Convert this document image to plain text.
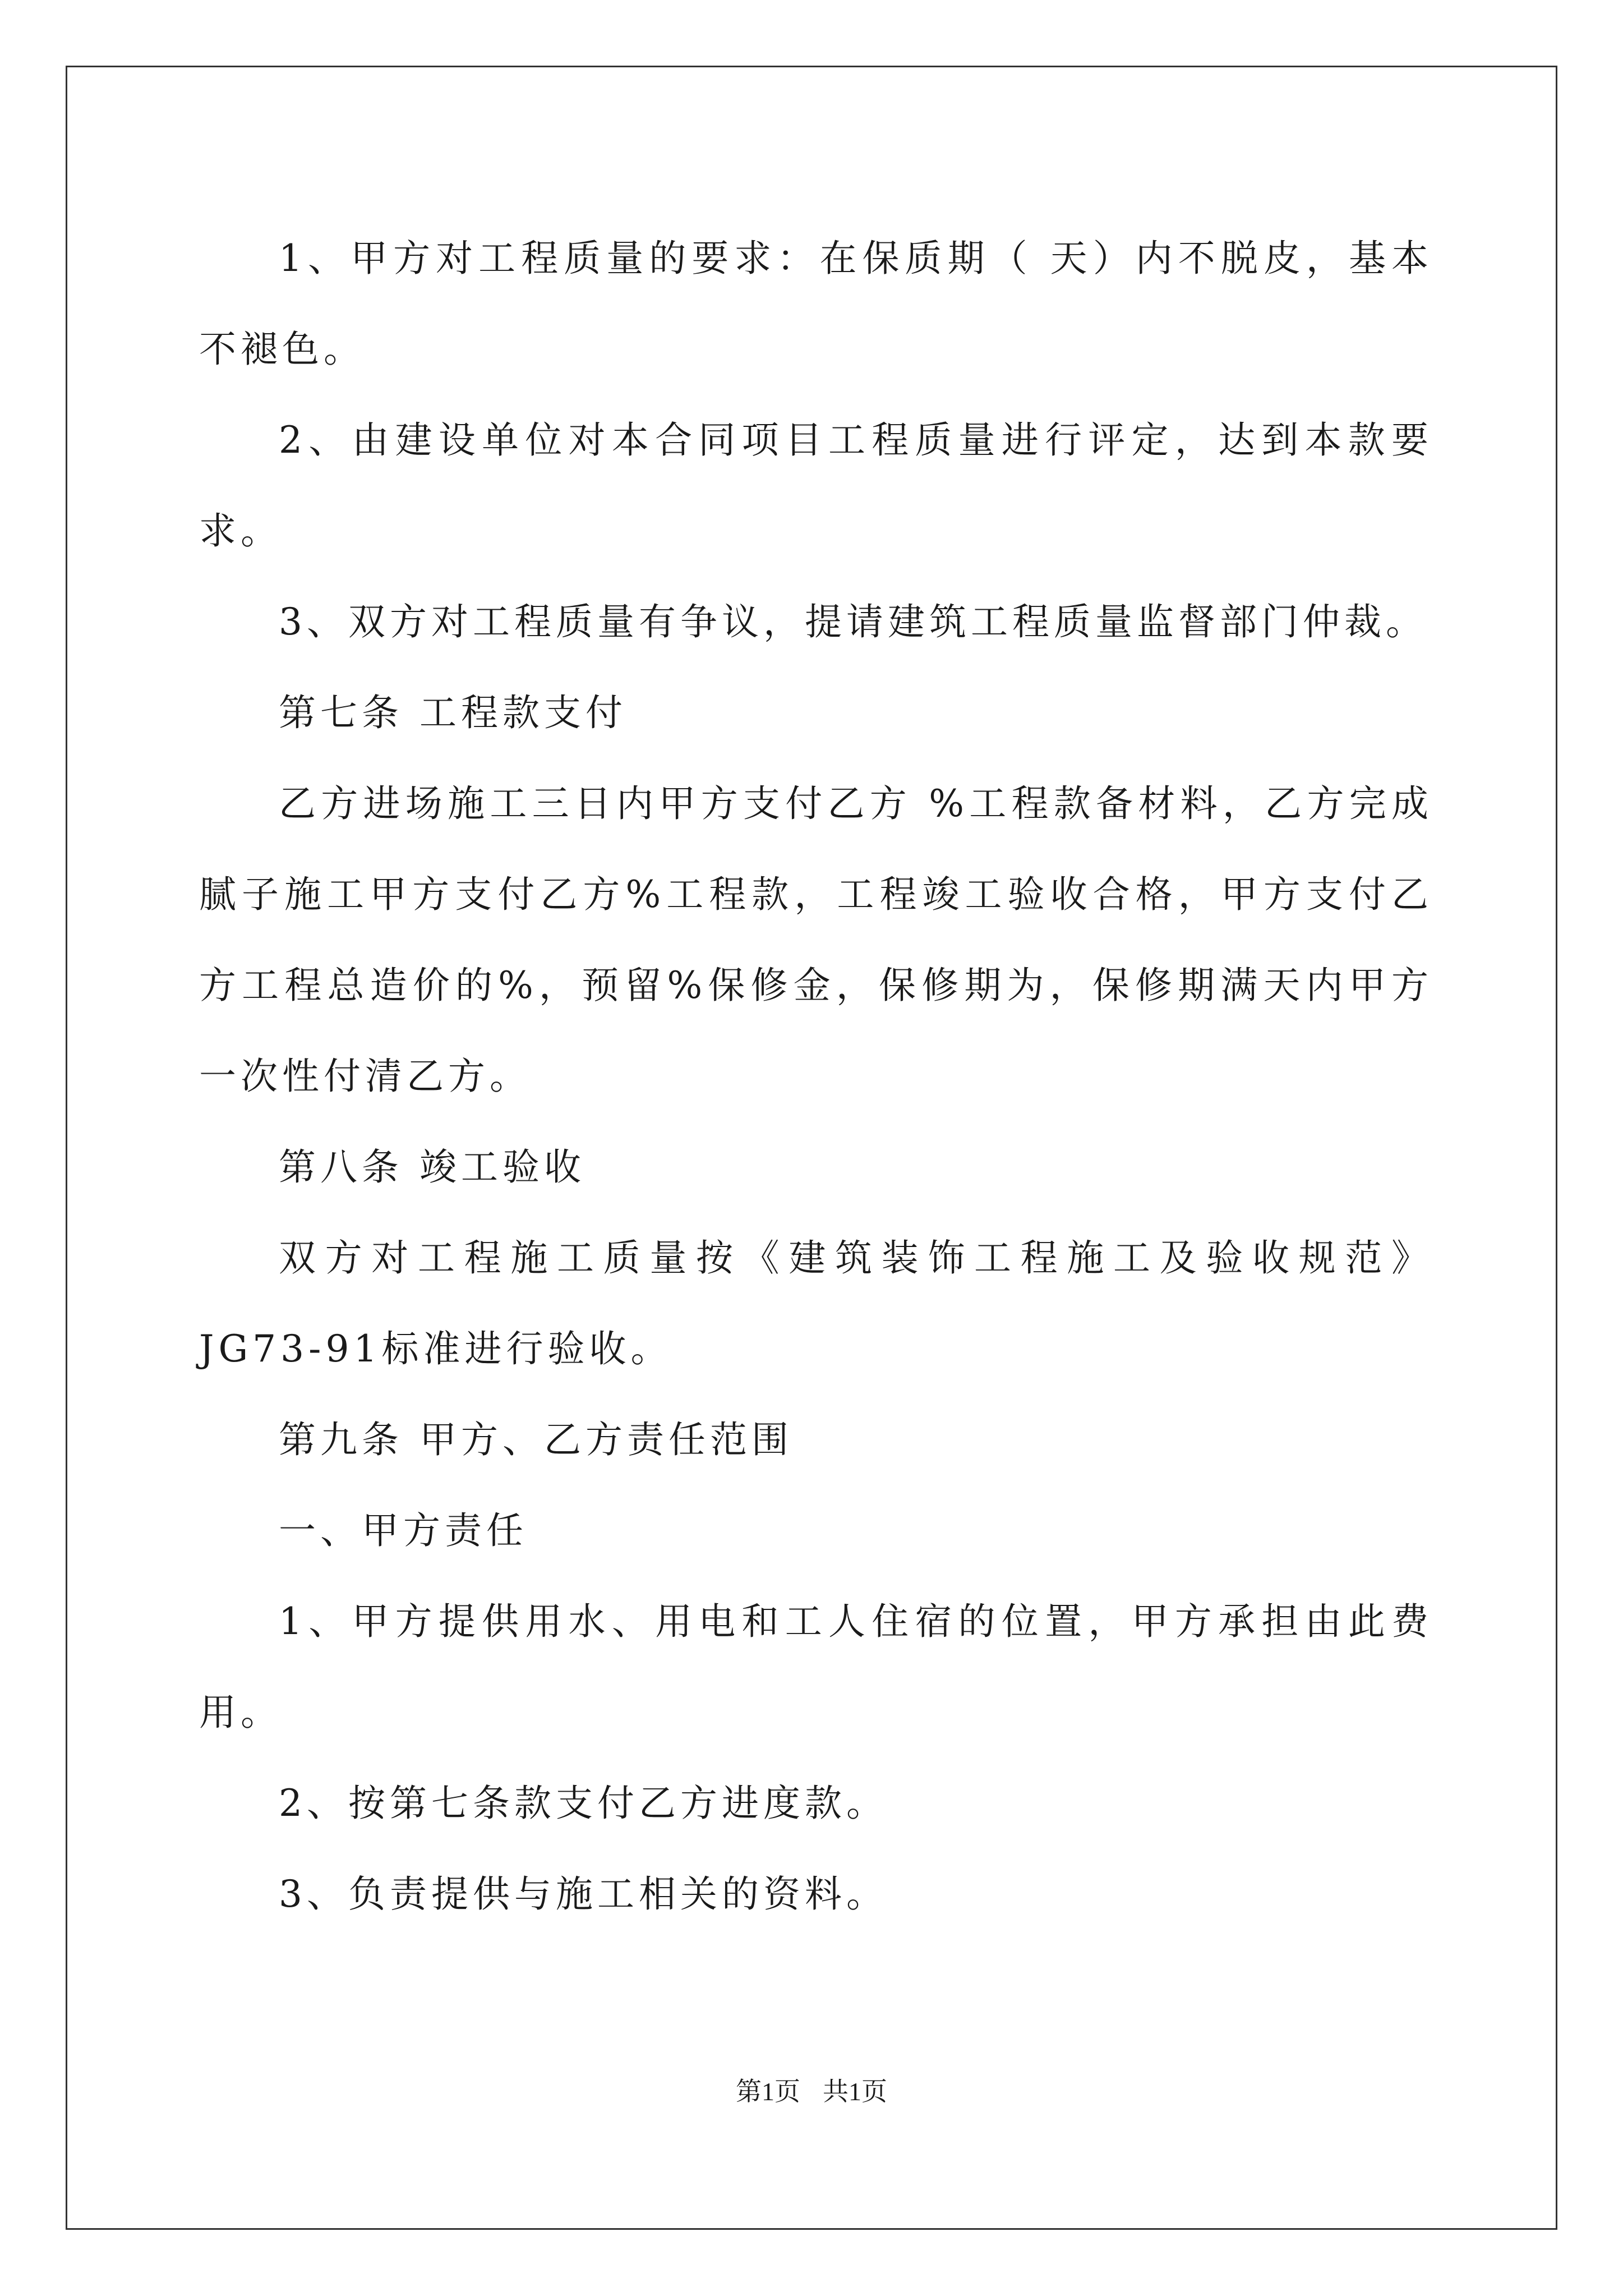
1、甲方对工程质量的要求：在保质期（ 天）内不脱皮，基本不褪色。

2、由建设单位对本合同项目工程质量进行评定，达到本款要求。

3、双方对工程质量有争议，提请建筑工程质量监督部门仲裁。

第七条 工程款支付

乙方进场施工三日内甲方支付乙方 %工程款备材料，乙方完成腻子施工甲方支付乙方%工程款，工程竣工验收合格，甲方支付乙方工程总造价的%，预留%保修金，保修期为，保修期满天内甲方一次性付清乙方。

第八条 竣工验收

双方对工程施工质量按《建筑装饰工程施工及验收规范》JG73-91标准进行验收。

第九条 甲方、乙方责任范围

一、甲方责任

1、甲方提供用水、用电和工人住宿的位置，甲方承担由此费用。

2、按第七条款支付乙方进度款。

3、负责提供与施工相关的资料。

第1页 共1页
